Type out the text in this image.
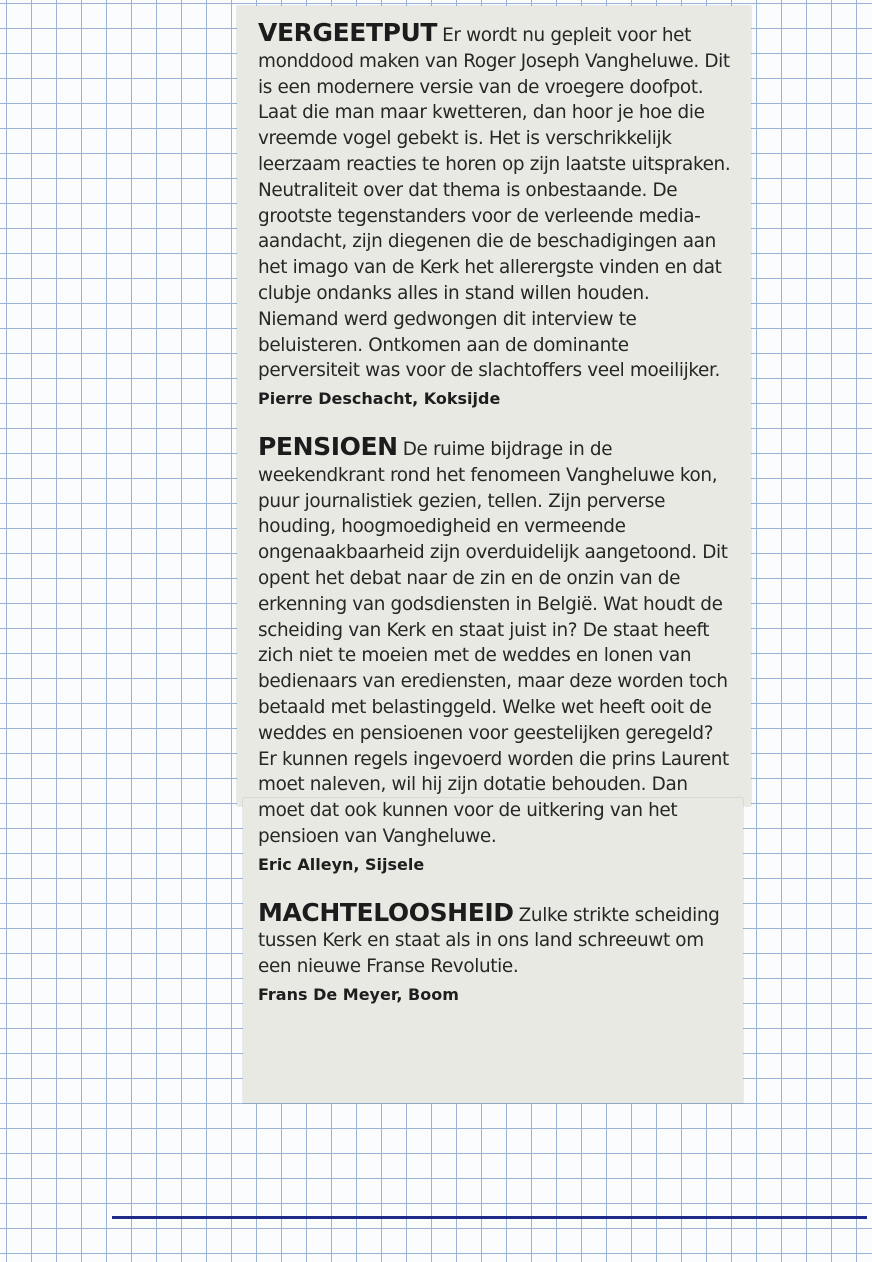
VERGEETPUT Er wordt nu gepleit voor het monddood maken van Roger Joseph Vangheluwe. Dit is een modernere versie van de vroegere doofpot. Laat die man maar kwetteren, dan hoor je hoe die vreemde vogel gebekt is. Het is verschrikkelijk leerzaam reacties te horen op zijn laatste uitspraken. Neutraliteit over dat thema is onbestaande. De grootste tegenstanders voor de verleende media-aandacht, zijn diegenen die de beschadigingen aan het imago van de Kerk het allerergste vinden en dat clubje ondanks alles in stand willen houden. Niemand werd gedwongen dit interview te beluisteren. Ontkomen aan de dominante perversiteit was voor de slachtoffers veel moeilijker.
Pierre Deschacht, Koksijde

PENSIOEN De ruime bijdrage in de weekendkrant rond het fenomeen Vangheluwe kon, puur journalistiek gezien, tellen. Zijn perverse houding, hoogmoedigheid en vermeende ongenaakbaarheid zijn overduidelijk aangetoond. Dit opent het debat naar de zin en de onzin van de erkenning van godsdiensten in België. Wat houdt de scheiding van Kerk en staat juist in? De staat heeft zich niet te moeien met de weddes en lonen van bedienaars van erediensten, maar deze worden toch betaald met belastinggeld. Welke wet heeft ooit de weddes en pensioenen voor geestelijken geregeld? Er kunnen regels ingevoerd worden die prins Laurent moet naleven, wil hij zijn dotatie behouden. Dan moet dat ook kunnen voor de uitkering van het pensioen van Vangheluwe.
Eric Alleyn, Sijsele

MACHTELOOSHEID Zulke strikte scheiding tussen Kerk en staat als in ons land schreeuwt om een nieuwe Franse Revolutie.
Frans De Meyer, Boom
